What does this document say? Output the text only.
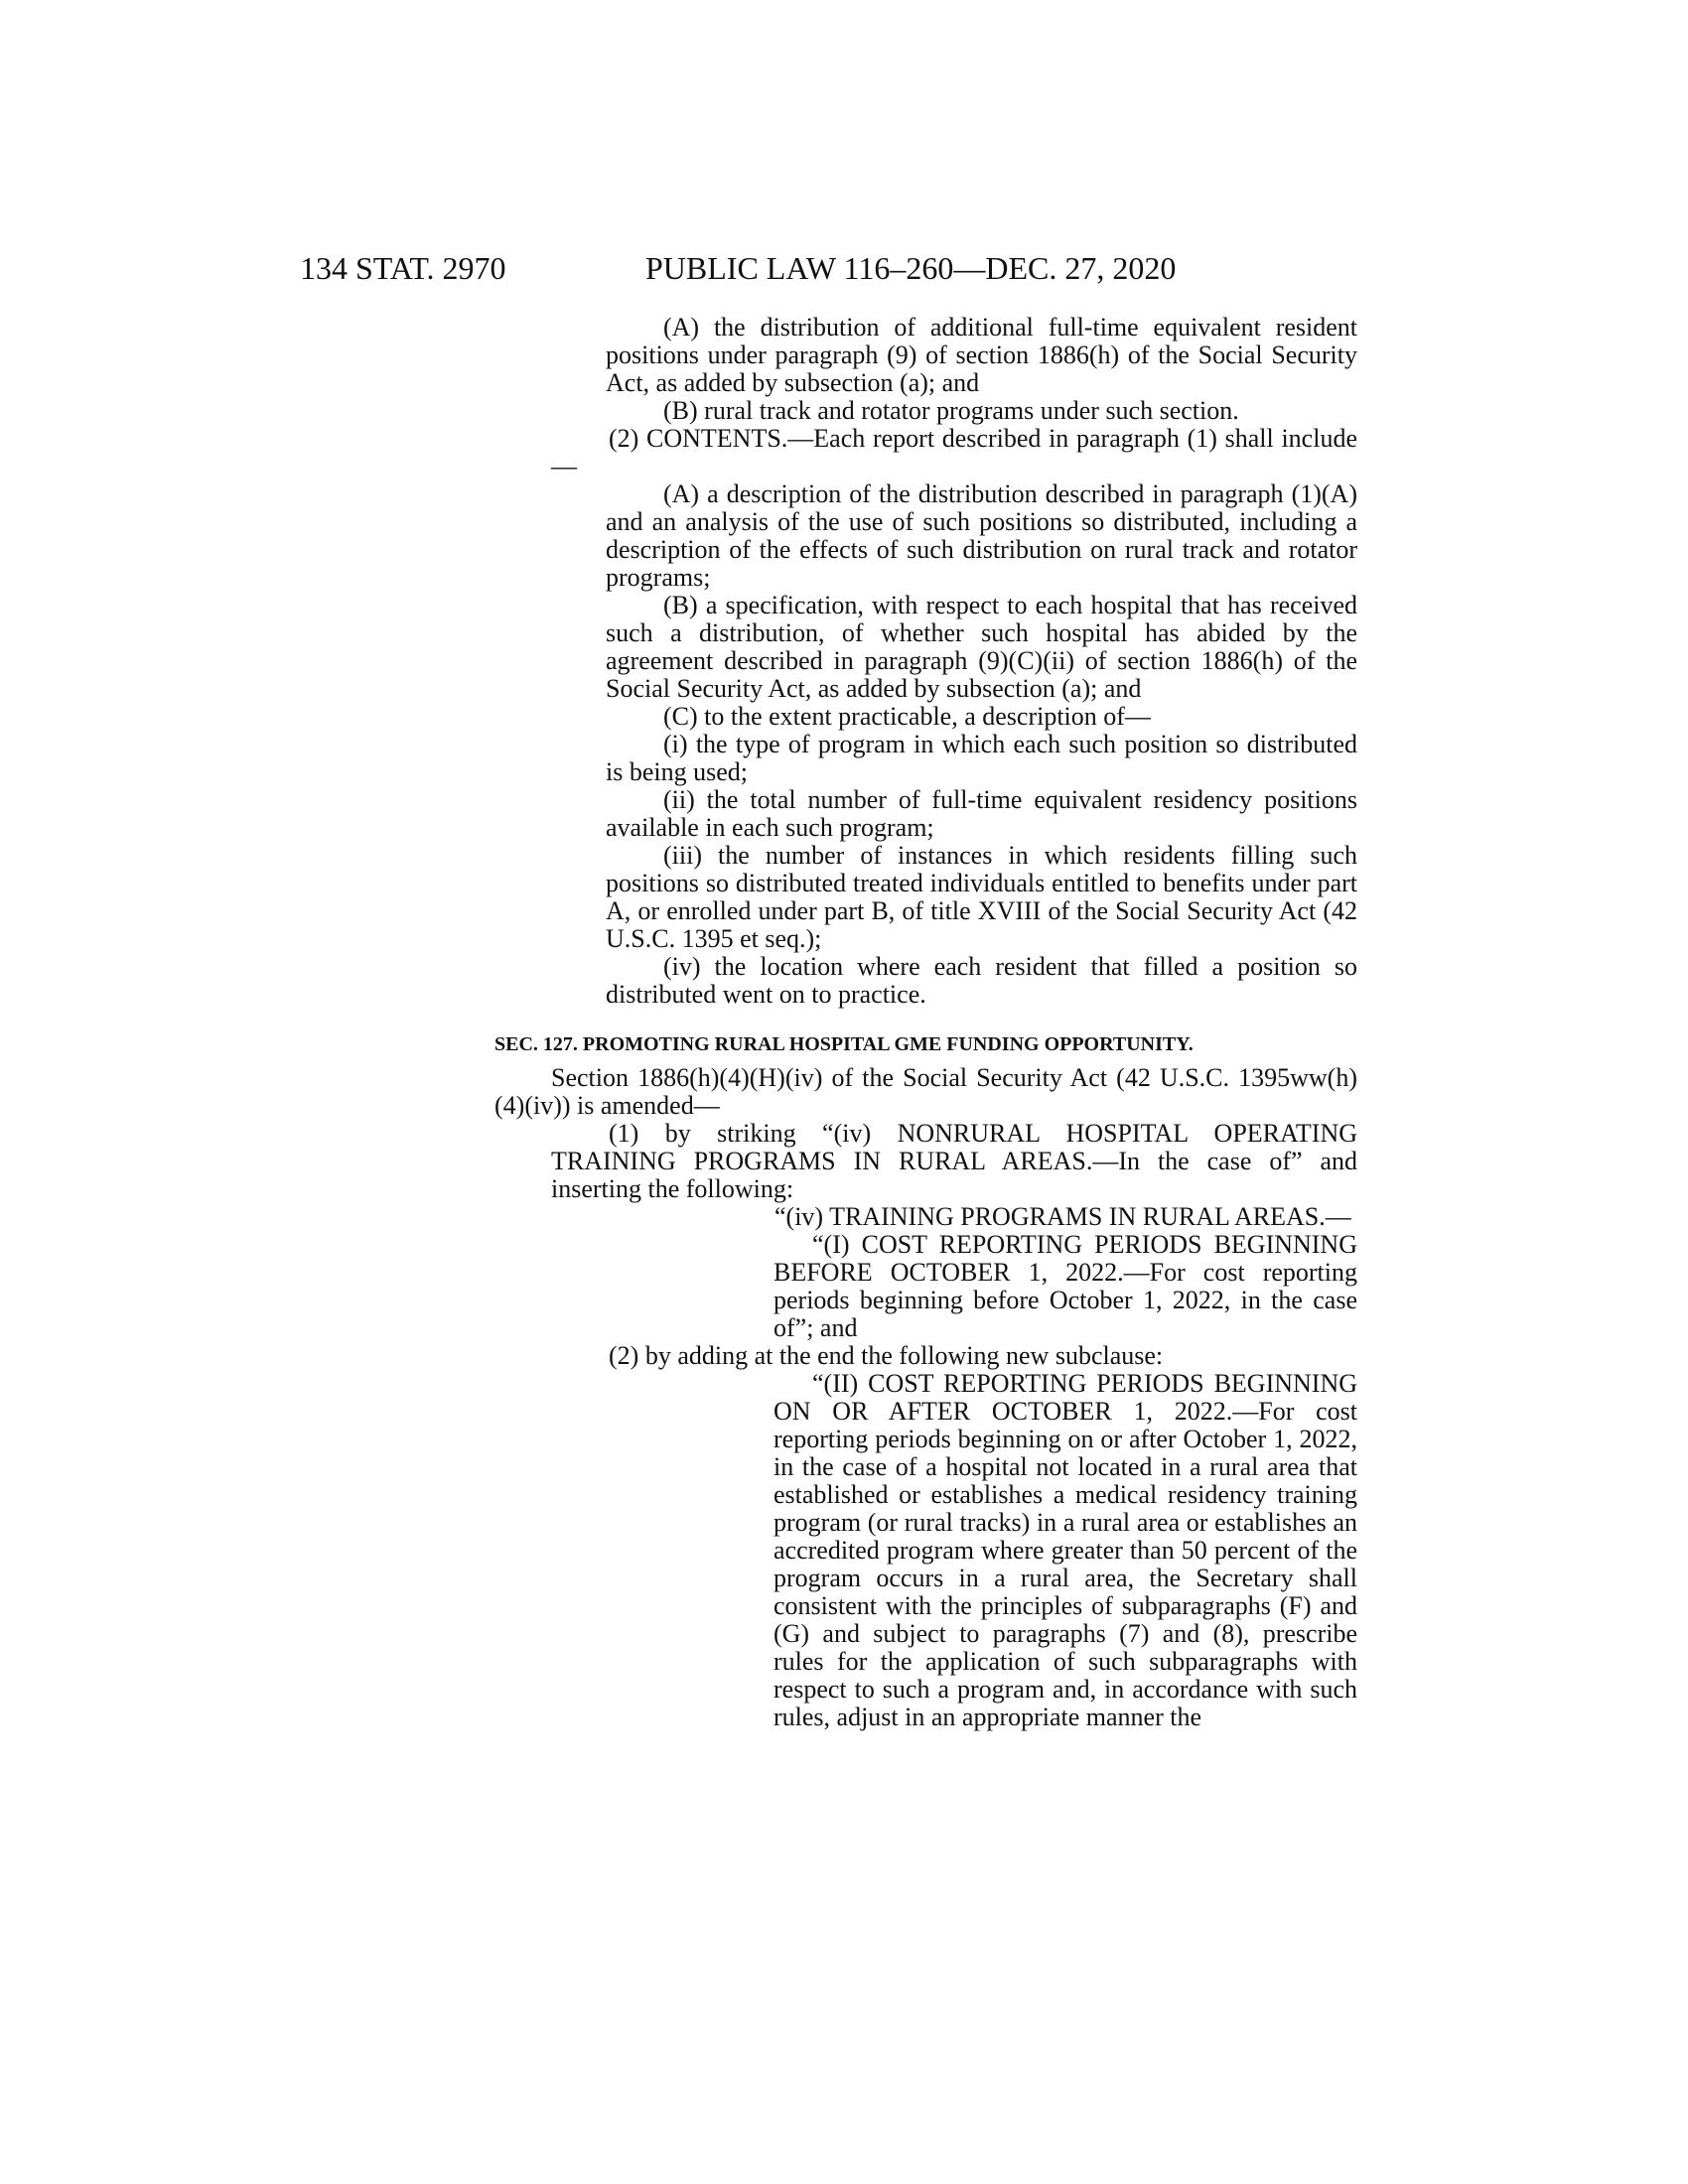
134 STAT. 2970	PUBLIC LAW 116–260—DEC. 27, 2020

(A) the distribution of additional full-time equivalent resident positions under paragraph (9) of section 1886(h) of the Social Security Act, as added by subsection (a); and

(B) rural track and rotator programs under such section.

(2) CONTENTS.—Each report described in paragraph (1) shall include—

(A) a description of the distribution described in paragraph (1)(A) and an analysis of the use of such positions so distributed, including a description of the effects of such distribution on rural track and rotator programs;

(B) a specification, with respect to each hospital that has received such a distribution, of whether such hospital has abided by the agreement described in paragraph (9)(C)(ii) of section 1886(h) of the Social Security Act, as added by subsection (a); and

(C) to the extent practicable, a description of—

(i) the type of program in which each such position so distributed is being used;

(ii) the total number of full-time equivalent residency positions available in each such program;

(iii) the number of instances in which residents filling such positions so distributed treated individuals entitled to benefits under part A, or enrolled under part B, of title XVIII of the Social Security Act (42 U.S.C. 1395 et seq.);

(iv) the location where each resident that filled a position so distributed went on to practice.

SEC. 127. PROMOTING RURAL HOSPITAL GME FUNDING OPPORTUNITY.

Section 1886(h)(4)(H)(iv) of the Social Security Act (42 U.S.C. 1395ww(h)(4)(iv)) is amended—

(1) by striking “(iv) NONRURAL HOSPITAL OPERATING TRAINING PROGRAMS IN RURAL AREAS.—In the case of” and inserting the following:

“(iv) TRAINING PROGRAMS IN RURAL AREAS.—

“(I) COST REPORTING PERIODS BEGINNING BEFORE OCTOBER 1, 2022.—For cost reporting periods beginning before October 1, 2022, in the case of”; and

(2) by adding at the end the following new subclause:

“(II) COST REPORTING PERIODS BEGINNING ON OR AFTER OCTOBER 1, 2022.—For cost reporting periods beginning on or after October 1, 2022, in the case of a hospital not located in a rural area that established or establishes a medical residency training program (or rural tracks) in a rural area or establishes an accredited program where greater than 50 percent of the program occurs in a rural area, the Secretary shall consistent with the principles of subparagraphs (F) and (G) and subject to paragraphs (7) and (8), prescribe rules for the application of such subparagraphs with respect to such a program and, in accordance with such rules, adjust in an appropriate manner the
